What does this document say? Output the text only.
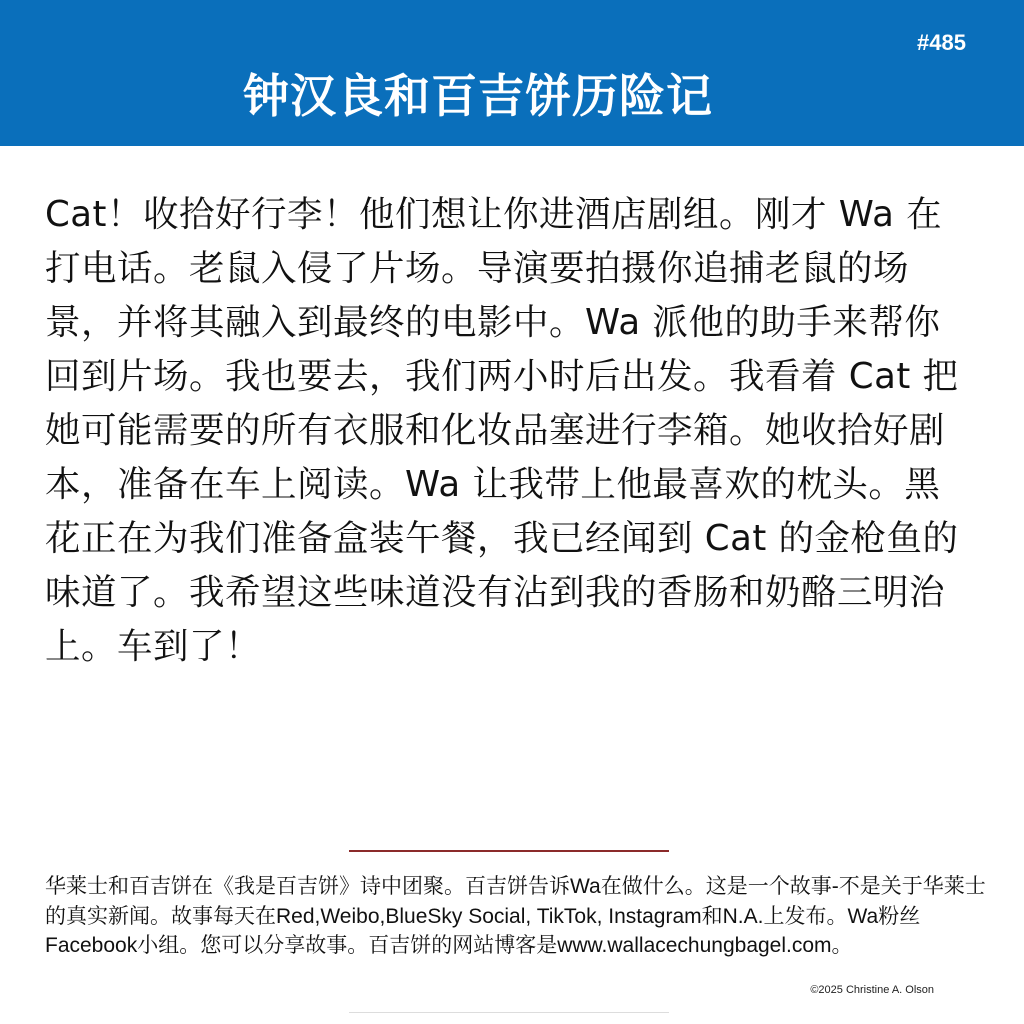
#485
钟汉良和百吉饼历险记
Cat！收拾好行李！他们想让你进酒店剧组。刚才 Wa 在打电话。老鼠入侵了片场。导演要拍摄你追捕老鼠的场景，并将其融入到最终的电影中。Wa 派他的助手来帮你回到片场。我也要去，我们两小时后出发。我看着 Cat 把她可能需要的所有衣服和化妆品塞进行李箱。她收拾好剧本，准备在车上阅读。Wa 让我带上他最喜欢的枕头。黑花正在为我们准备盒装午餐，我已经闻到 Cat 的金枪鱼的味道了。我希望这些味道没有沾到我的香肠和奶酪三明治上。车到了！
华莱士和百吉饼在《我是百吉饼》诗中团聚。百吉饼告诉Wa在做什么。这是一个故事-不是关于华莱士的真实新闻。故事每天在Red,Weibo,BlueSky Social, TikTok, Instagram和N.A.上发布。Wa粉丝Facebook小组。您可以分享故事。百吉饼的网站博客是www.wallacechungbagel.com。
©2025 Christine A. Olson
